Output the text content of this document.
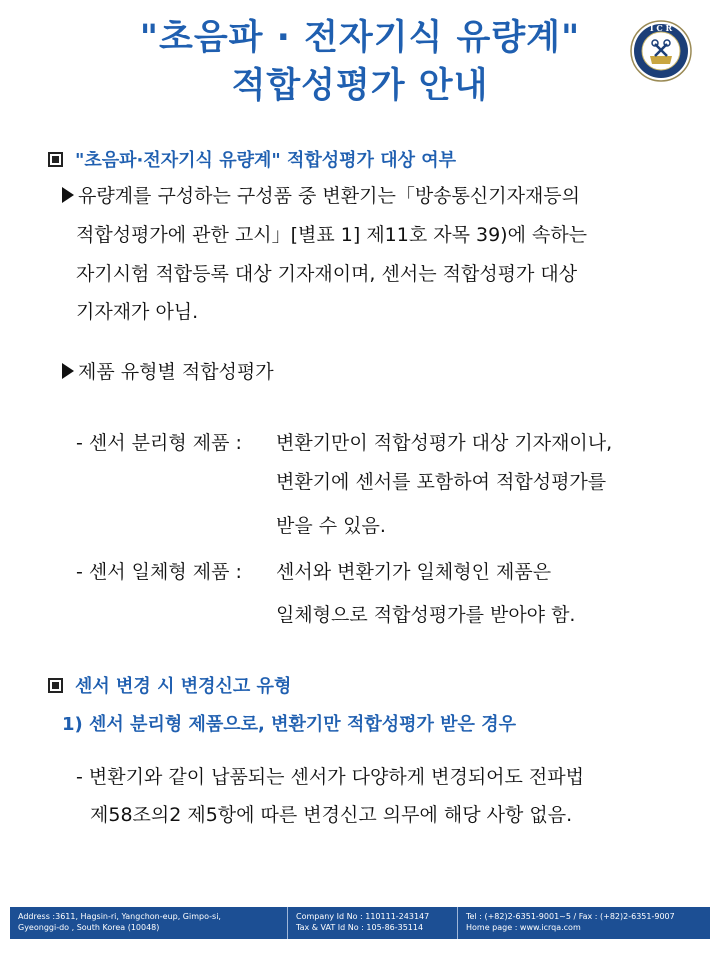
"초음파 · 전자기식 유량계"
적합성평가 안내
I C R
"초음파·전자기식 유량계" 적합성평가 대상 여부
유량계를 구성하는 구성품 중 변환기는「방송통신기자재등의
적합성평가에 관한 고시」[별표 1] 제11호 자목 39)에 속하는
자기시험 적합등록 대상 기자재이며, 센서는 적합성평가 대상
기자재가 아님.
제품 유형별 적합성평가
- 센서 분리형 제품 : 변환기만이 적합성평가 대상 기자재이나,
변환기에 센서를 포함하여 적합성평가를
받을 수 있음.
- 센서 일체형 제품 : 센서와 변환기가 일체형인 제품은
일체형으로 적합성평가를 받아야 함.
센서 변경 시 변경신고 유형
1) 센서 분리형 제품으로, 변환기만 적합성평가 받은 경우
- 변환기와 같이 납품되는 센서가 다양하게 변경되어도 전파법
제58조의2 제5항에 따른 변경신고 의무에 해당 사항 없음.
Address :3611, Hagsin-ri, Yangchon-eup, Gimpo-si,
Gyeonggi-do , South Korea (10048)
Company Id No : 110111-243147
Tax & VAT Id No : 105-86-35114
Tel : (+82)2-6351-9001~5 / Fax : (+82)2-6351-9007
Home page : www.icrqa.com
